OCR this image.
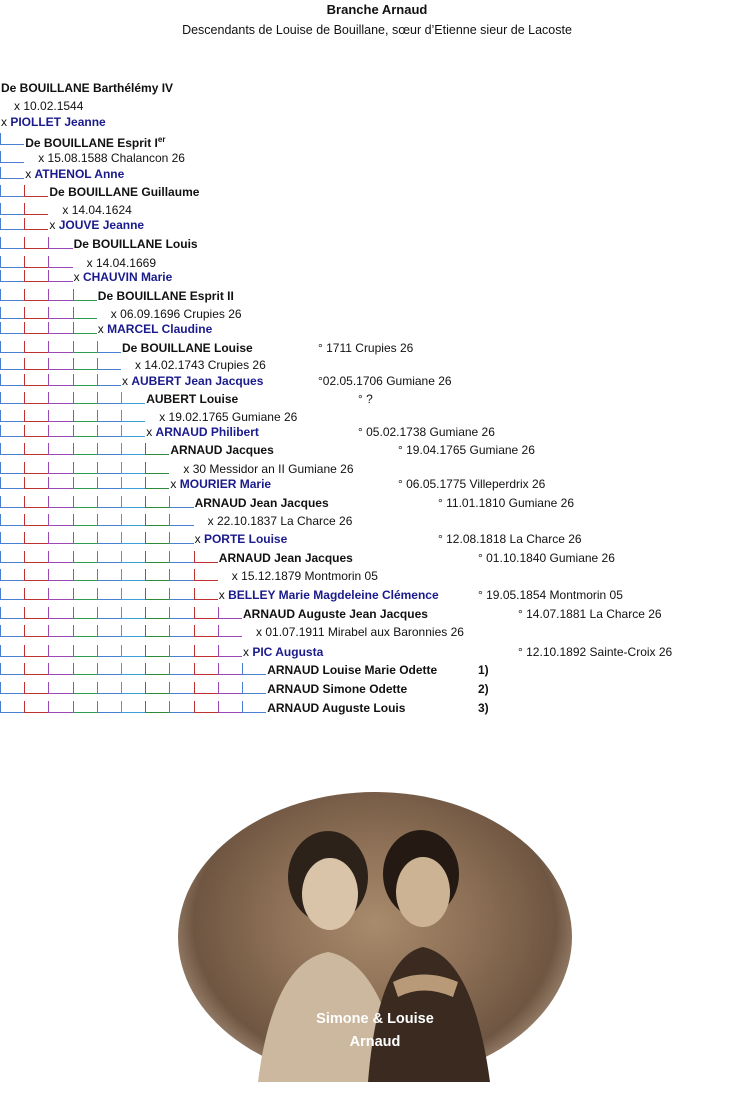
Branche Arnaud
Descendants de Louise de Bouillane, sœur d’Etienne sieur de Lacoste
De BOUILLANE Barthélémy IV
x 10.02.1544
x PIOLLET Jeanne
De BOUILLANE Esprit Ier
x 15.08.1588 Chalancon 26
x ATHENOL Anne
De BOUILLANE Guillaume
x 14.04.1624
x JOUVE Jeanne
De BOUILLANE Louis
x 14.04.1669
x CHAUVIN Marie
De BOUILLANE Esprit II
x 06.09.1696 Crupies 26
x MARCEL Claudine
De BOUILLANE Louise	° 1711 Crupies 26
x 14.02.1743 Crupies 26
x AUBERT Jean Jacques	°02.05.1706 Gumiane 26
AUBERT Louise	° ?
x 19.02.1765 Gumiane 26
x ARNAUD Philibert	° 05.02.1738 Gumiane 26
ARNAUD Jacques	° 19.04.1765 Gumiane 26
x 30 Messidor an II Gumiane 26
x MOURIER Marie	° 06.05.1775 Villeperdrix 26
ARNAUD Jean Jacques	° 11.01.1810 Gumiane 26
x 22.10.1837 La Charce 26
x PORTE Louise	° 12.08.1818 La Charce 26
ARNAUD Jean Jacques	° 01.10.1840 Gumiane 26
x 15.12.1879 Montmorin 05
x BELLEY Marie Magdeleine Clémence	° 19.05.1854 Montmorin 05
ARNAUD Auguste Jean Jacques	° 14.07.1881 La Charce 26
x 01.07.1911 Mirabel aux Baronnies 26
x PIC Augusta	° 12.10.1892 Sainte-Croix 26
ARNAUD Louise Marie Odette	1)
ARNAUD Simone Odette	2)
ARNAUD Auguste Louis	3)
Simone & Louise
Arnaud
